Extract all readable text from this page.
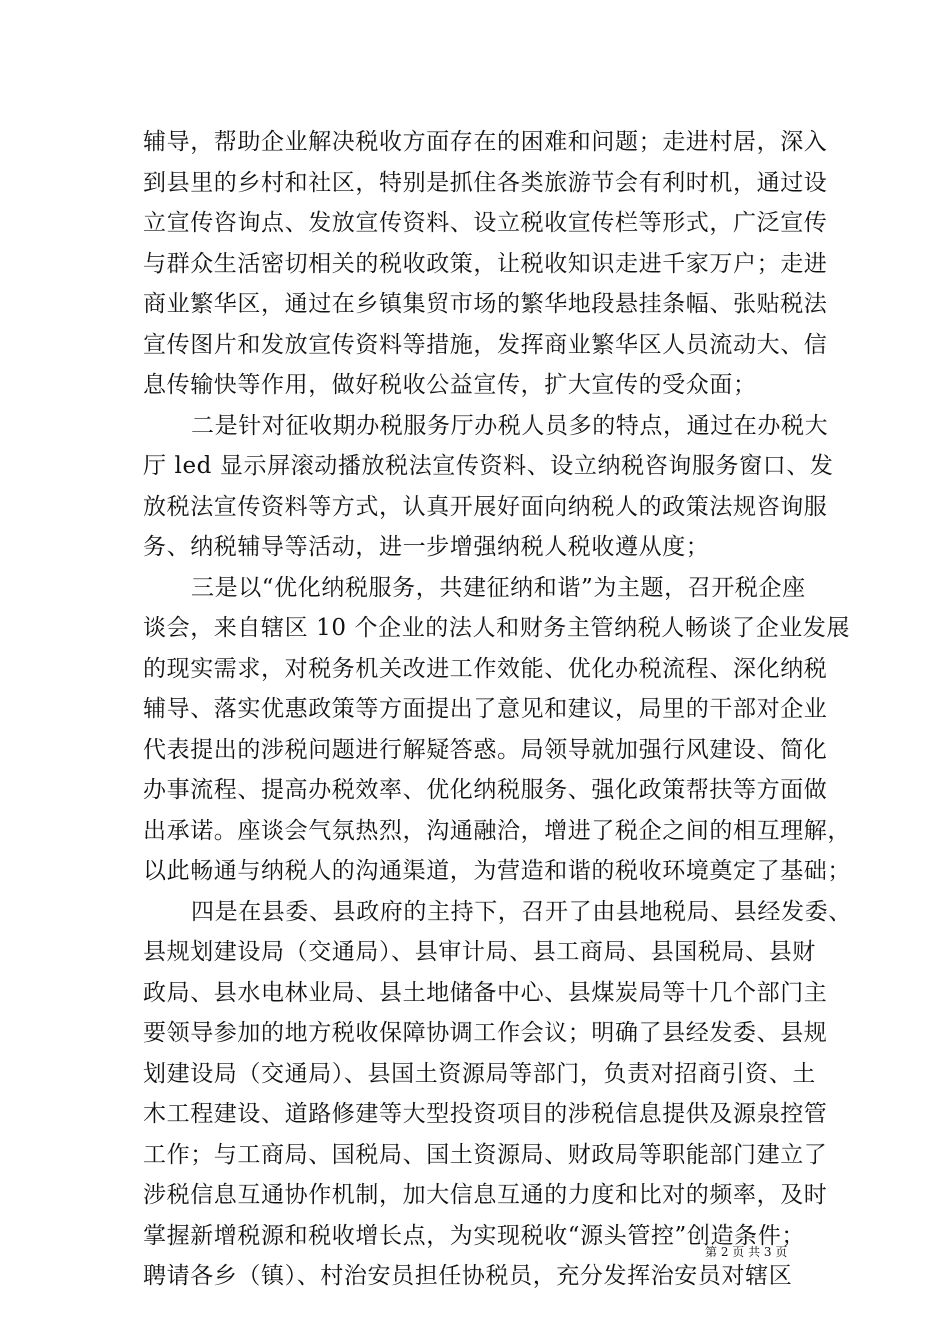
辅导，帮助企业解决税收方面存在的困难和问题；走进村居，深入
到县里的乡村和社区，特别是抓住各类旅游节会有利时机，通过设
立宣传咨询点、发放宣传资料、设立税收宣传栏等形式，广泛宣传
与群众生活密切相关的税收政策，让税收知识走进千家万户；走进
商业繁华区，通过在乡镇集贸市场的繁华地段悬挂条幅、张贴税法
宣传图片和发放宣传资料等措施，发挥商业繁华区人员流动大、信
息传输快等作用，做好税收公益宣传，扩大宣传的受众面；
二是针对征收期办税服务厅办税人员多的特点，通过在办税大
厅 led 显示屏滚动播放税法宣传资料、设立纳税咨询服务窗口、发
放税法宣传资料等方式，认真开展好面向纳税人的政策法规咨询服
务、纳税辅导等活动，进一步增强纳税人税收遵从度；
三是以“优化纳税服务，共建征纳和谐”为主题，召开税企座
谈会，来自辖区 10 个企业的法人和财务主管纳税人畅谈了企业发展
的现实需求，对税务机关改进工作效能、优化办税流程、深化纳税
辅导、落实优惠政策等方面提出了意见和建议，局里的干部对企业
代表提出的涉税问题进行解疑答惑。局领导就加强行风建设、简化
办事流程、提高办税效率、优化纳税服务、强化政策帮扶等方面做
出承诺。座谈会气氛热烈，沟通融洽，增进了税企之间的相互理解，
以此畅通与纳税人的沟通渠道，为营造和谐的税收环境奠定了基础；
四是在县委、县政府的主持下，召开了由县地税局、县经发委、
县规划建设局（交通局）、县审计局、县工商局、县国税局、县财
政局、县水电林业局、县土地储备中心、县煤炭局等十几个部门主
要领导参加的地方税收保障协调工作会议；明确了县经发委、县规
划建设局（交通局）、县国土资源局等部门，负责对招商引资、土
木工程建设、道路修建等大型投资项目的涉税信息提供及源泉控管
工作；与工商局、国税局、国土资源局、财政局等职能部门建立了
涉税信息互通协作机制，加大信息互通的力度和比对的频率，及时
掌握新增税源和税收增长点，为实现税收“源头管控”创造条件；
聘请各乡（镇）、村治安员担任协税员，充分发挥治安员对辖区
第 2 页 共 3 页
